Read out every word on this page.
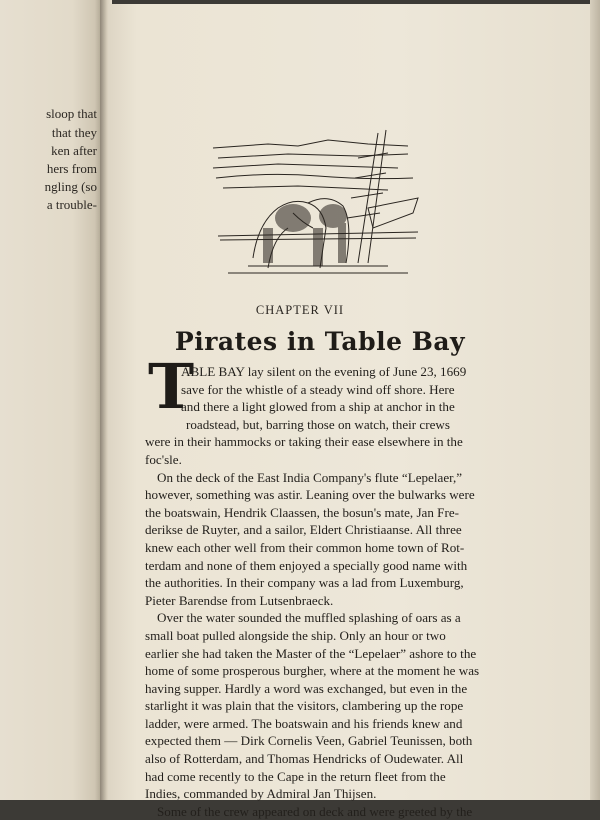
sloop that
that they
ken after
hers from
ngling (so
a trouble-
CHAPTER VII
Pirates in Table Bay
T
ABLE BAY lay silent on the evening of June 23, 1669
save for the whistle of a steady wind off shore. Here
and there a light glowed from a ship at anchor in the
roadstead, but, barring those on watch, their crews
were in their hammocks or taking their ease elsewhere in the
foc'sle.
On the deck of the East India Company's flute “Lepelaer,”
however, something was astir. Leaning over the bulwarks were
the boatswain, Hendrik Claassen, the bosun's mate, Jan Fre-
derikse de Ruyter, and a sailor, Eldert Christiaanse. All three
knew each other well from their common home town of Rot-
terdam and none of them enjoyed a specially good name with
the authorities. In their company was a lad from Luxemburg,
Pieter Barendse from Lutsenbraeck.
Over the water sounded the muffled splashing of oars as a
small boat pulled alongside the ship. Only an hour or two
earlier she had taken the Master of the “Lepelaer” ashore to the
home of some prosperous burgher, where at the moment he was
having supper. Hardly a word was exchanged, but even in the
starlight it was plain that the visitors, clambering up the rope
ladder, were armed. The boatswain and his friends knew and
expected them — Dirk Cornelis Veen, Gabriel Teunissen, both
also of Rotterdam, and Thomas Hendricks of Oudewater. All
had come recently to the Cape in the return fleet from the
Indies, commanded by Admiral Jan Thijsen.
Some of the crew appeared on deck and were greeted by the
